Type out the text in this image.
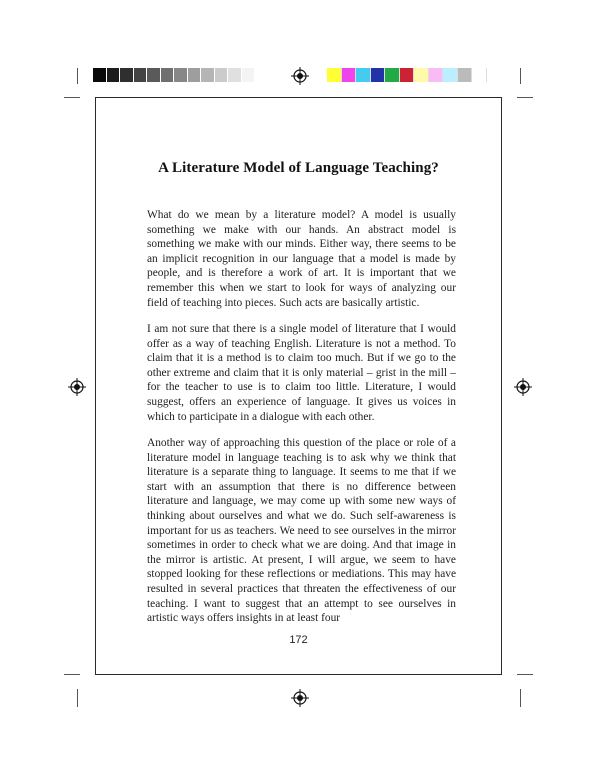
A Literature Model of Language Teaching?

What do we mean by a literature model? A model is usually something we make with our hands. An abstract model is something we make with our minds. Either way, there seems to be an implicit recognition in our language that a model is made by people, and is therefore a work of art. It is important that we remember this when we start to look for ways of analyzing our field of teaching into pieces. Such acts are basically artistic.

I am not sure that there is a single model of literature that I would offer as a way of teaching English. Literature is not a method. To claim that it is a method is to claim too much. But if we go to the other extreme and claim that it is only material – grist in the mill – for the teacher to use is to claim too little. Literature, I would suggest, offers an experience of language. It gives us voices in which to participate in a dialogue with each other.

Another way of approaching this question of the place or role of a literature model in language teaching is to ask why we think that literature is a separate thing to language. It seems to me that if we start with an assumption that there is no difference between literature and language, we may come up with some new ways of thinking about ourselves and what we do. Such self-awareness is important for us as teachers. We need to see ourselves in the mirror sometimes in order to check what we are doing. And that image in the mirror is artistic. At present, I will argue, we seem to have stopped looking for these reflections or mediations. This may have resulted in several practices that threaten the effectiveness of our teaching. I want to suggest that an attempt to see ourselves in artistic ways offers insights in at least four

172
